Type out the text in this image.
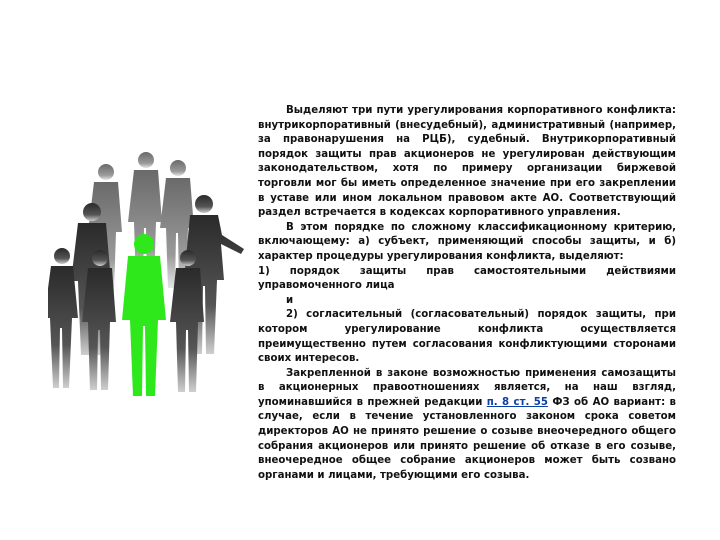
Выделяют три пути урегулирования корпоративного конфликта: внутрикорпоративный (внесудебный), административный (например, за правонарушения на РЦБ), судебный. Внутрикорпоративный порядок защиты прав акционеров не урегулирован действующим законодательством, хотя по примеру организации биржевой торговли мог бы иметь определенное значение при его закреплении в уставе или ином локальном правовом акте АО. Соответствующий раздел встречается в кодексах корпоративного управления.

В этом порядке по сложному классификационному критерию, включающему: а) субъект, применяющий способы защиты, и б) характер процедуры урегулирования конфликта, выделяют:

1) порядок защиты прав самостоятельными действиями управомоченного лица

и

2) согласительный (согласовательный) порядок защиты, при котором урегулирование конфликта осуществляется преимущественно путем согласования конфликтующими сторонами своих интересов.

Закрепленной в законе возможностью применения самозащиты в акционерных правоотношениях является, на наш взгляд, упоминавшийся в прежней редакции п. 8 ст. 55 ФЗ об АО вариант: в случае, если в течение установленного законом срока советом директоров АО не принято решение о созыве внеочередного общего собрания акционеров или принято решение об отказе в его созыве, внеочередное общее собрание акционеров может быть созвано органами и лицами, требующими его созыва.
